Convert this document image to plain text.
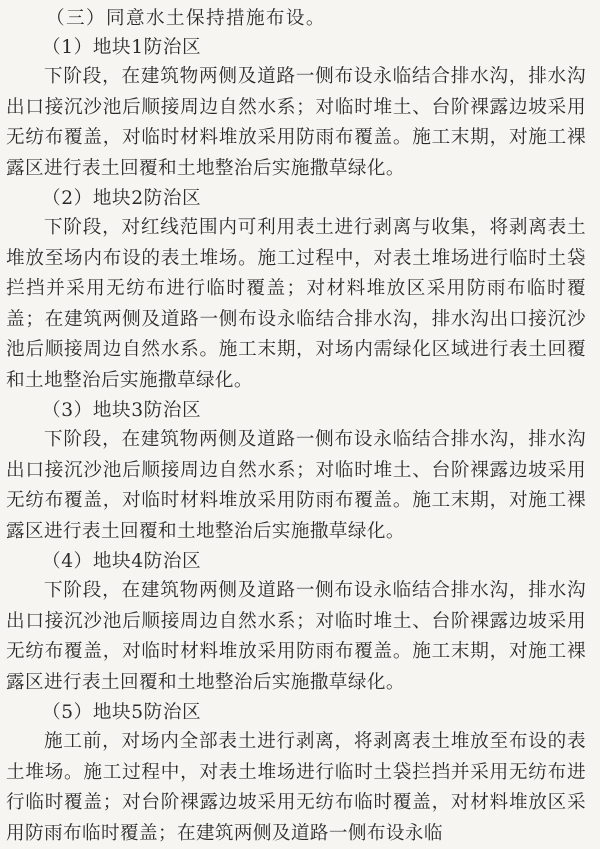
（三）同意水土保持措施布设。

（1）地块1防治区

下阶段，在建筑物两侧及道路一侧布设永临结合排水沟，排水沟出口接沉沙池后顺接周边自然水系；对临时堆土、台阶裸露边坡采用无纺布覆盖，对临时材料堆放采用防雨布覆盖。施工末期，对施工裸露区进行表土回覆和土地整治后实施撒草绿化。

（2）地块2防治区

下阶段，对红线范围内可利用表土进行剥离与收集，将剥离表土堆放至场内布设的表土堆场。施工过程中，对表土堆场进行临时土袋拦挡并采用无纺布进行临时覆盖；对材料堆放区采用防雨布临时覆盖；在建筑两侧及道路一侧布设永临结合排水沟，排水沟出口接沉沙池后顺接周边自然水系。施工末期，对场内需绿化区域进行表土回覆和土地整治后实施撒草绿化。

（3）地块3防治区

下阶段，在建筑物两侧及道路一侧布设永临结合排水沟，排水沟出口接沉沙池后顺接周边自然水系；对临时堆土、台阶裸露边坡采用无纺布覆盖，对临时材料堆放采用防雨布覆盖。施工末期，对施工裸露区进行表土回覆和土地整治后实施撒草绿化。

（4）地块4防治区

下阶段，在建筑物两侧及道路一侧布设永临结合排水沟，排水沟出口接沉沙池后顺接周边自然水系；对临时堆土、台阶裸露边坡采用无纺布覆盖，对临时材料堆放采用防雨布覆盖。施工末期，对施工裸露区进行表土回覆和土地整治后实施撒草绿化。

（5）地块5防治区

施工前，对场内全部表土进行剥离，将剥离表土堆放至布设的表土堆场。施工过程中，对表土堆场进行临时土袋拦挡并采用无纺布进行临时覆盖；对台阶裸露边坡采用无纺布临时覆盖，对材料堆放区采用防雨布临时覆盖；在建筑两侧及道路一侧布设永临
